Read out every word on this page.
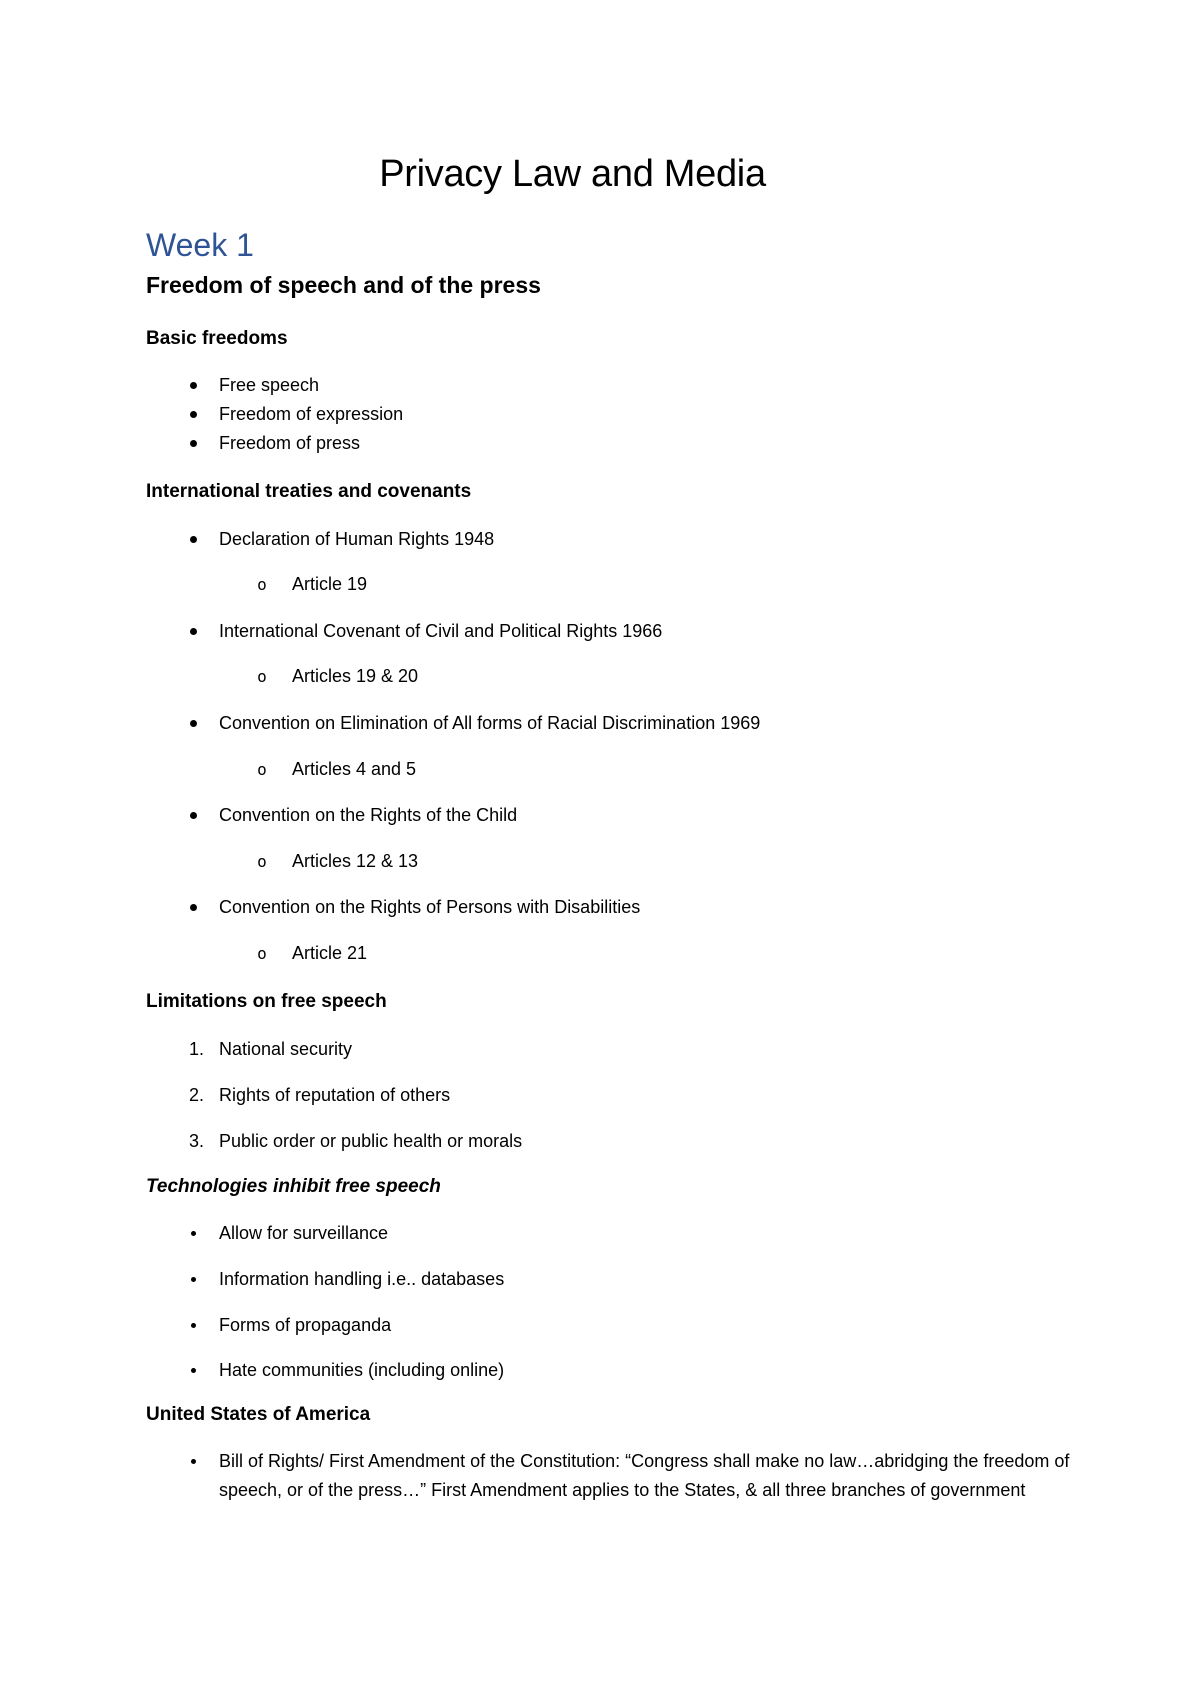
Privacy Law and Media
Week 1
Freedom of speech and of the press
Basic freedoms
Free speech
Freedom of expression
Freedom of press
International treaties and covenants
Declaration of Human Rights 1948
o Article 19
International Covenant of Civil and Political Rights 1966
o Articles 19 & 20
Convention on Elimination of All forms of Racial Discrimination 1969
o Articles 4 and 5
Convention on the Rights of the Child
o Articles 12 & 13
Convention on the Rights of Persons with Disabilities
o Article 21
Limitations on free speech
1. National security
2. Rights of reputation of others
3. Public order or public health or morals
Technologies inhibit free speech
Allow for surveillance
Information handling i.e.. databases
Forms of propaganda
Hate communities (including online)
United States of America
Bill of Rights/ First Amendment of the Constitution: “Congress shall make no law…abridging the freedom of speech, or of the press…” First Amendment applies to the States, & all three branches of government
